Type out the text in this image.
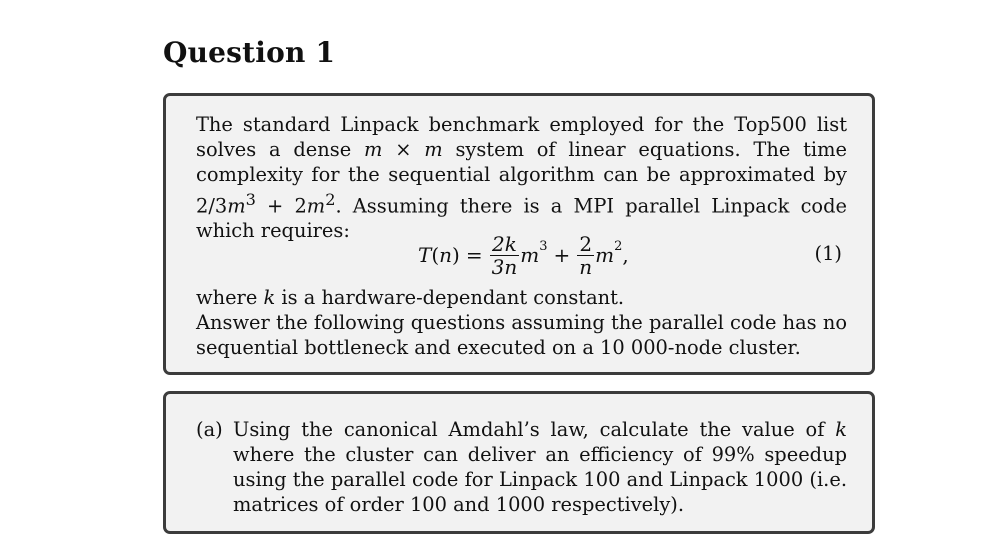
Question 1
The standard Linpack benchmark employed for the Top500 list solves a dense m × m system of linear equations. The time complexity for the sequential algorithm can be approximated by $2/3m^3 + 2m^2$. Assuming there is a MPI parallel Linpack code which requires:
T ( n ) = $\frac{2k}{3n}$ m $3 + \frac{2}{n}$ m 2 ,	(1)
where k is a hardware-dependant constant.
Answer the following questions assuming the parallel code has no sequential bottleneck and executed on a 10 000-node cluster.
(a) Using the canonical Amdahl’s law, calculate the value of k where the cluster can deliver an efficiency of 99% speedup using the parallel code for Linpack 100 and Linpack 1000 (i.e. matrices of order 100 and 1000 respectively).
